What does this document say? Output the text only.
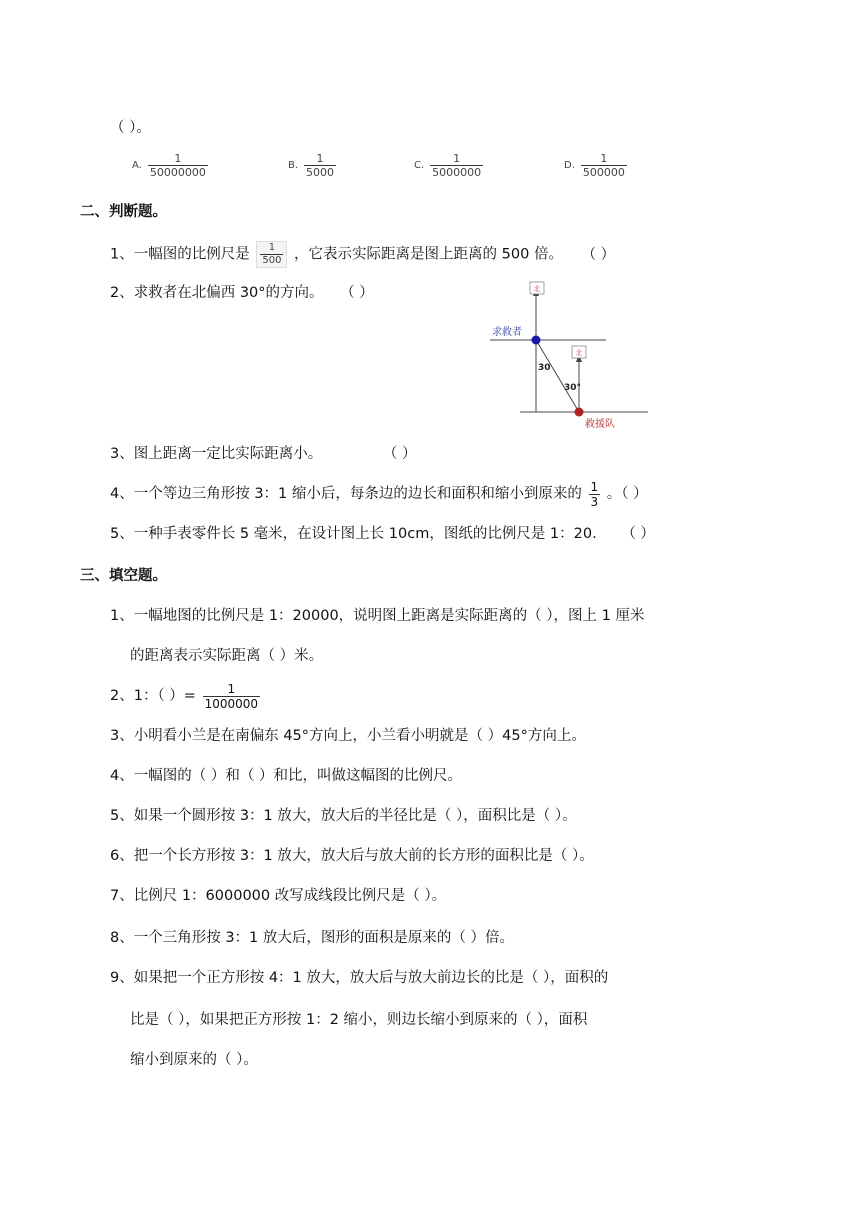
（ ）。
A. $\frac{1}{50000000}$	B. $\frac{1}{5000}$	C. $\frac{1}{5000000}$	D. $\frac{1}{500000}$
二、判断题。
1、一幅图的比例尺是 $\frac{1}{500}$ ，它表示实际距离是图上距离的 500 倍。 （ ）
2、求救者在北偏西 30°的方向。 （ ）	北
北
30
30°
求救者
救援队
3、图上距离一定比实际距离小。	（ ）
4、一个等边三角形按 3：1 缩小后，每条边的边长和面积和缩小到原来的 $\frac{1}{3}$ 。（ ）
5、一种手表零件长 5 毫米，在设计图上长 10cm，图纸的比例尺是 1：20. （ ）
三、填空题。
1、一幅地图的比例尺是 1：20000，说明图上距离是实际距离的（ ），图上 1 厘米
的距离表示实际距离（ ）米。
2、1：（ ）= $\frac{1}{1000000}$
3、小明看小兰是在南偏东 45°方向上，小兰看小明就是（ ）45°方向上。
4、一幅图的（ ）和（ ）和比，叫做这幅图的比例尺。
5、如果一个圆形按 3：1 放大，放大后的半径比是（ ），面积比是（ ）。
6、把一个长方形按 3：1 放大，放大后与放大前的长方形的面积比是（ ）。
7、比例尺 1：6000000 改写成线段比例尺是（ ）。
8、一个三角形按 3：1 放大后，图形的面积是原来的（ ）倍。
9、如果把一个正方形按 4：1 放大，放大后与放大前边长的比是（ ），面积的
比是（ ），如果把正方形按 1：2 缩小，则边长缩小到原来的（ ），面积
缩小到原来的（ ）。
